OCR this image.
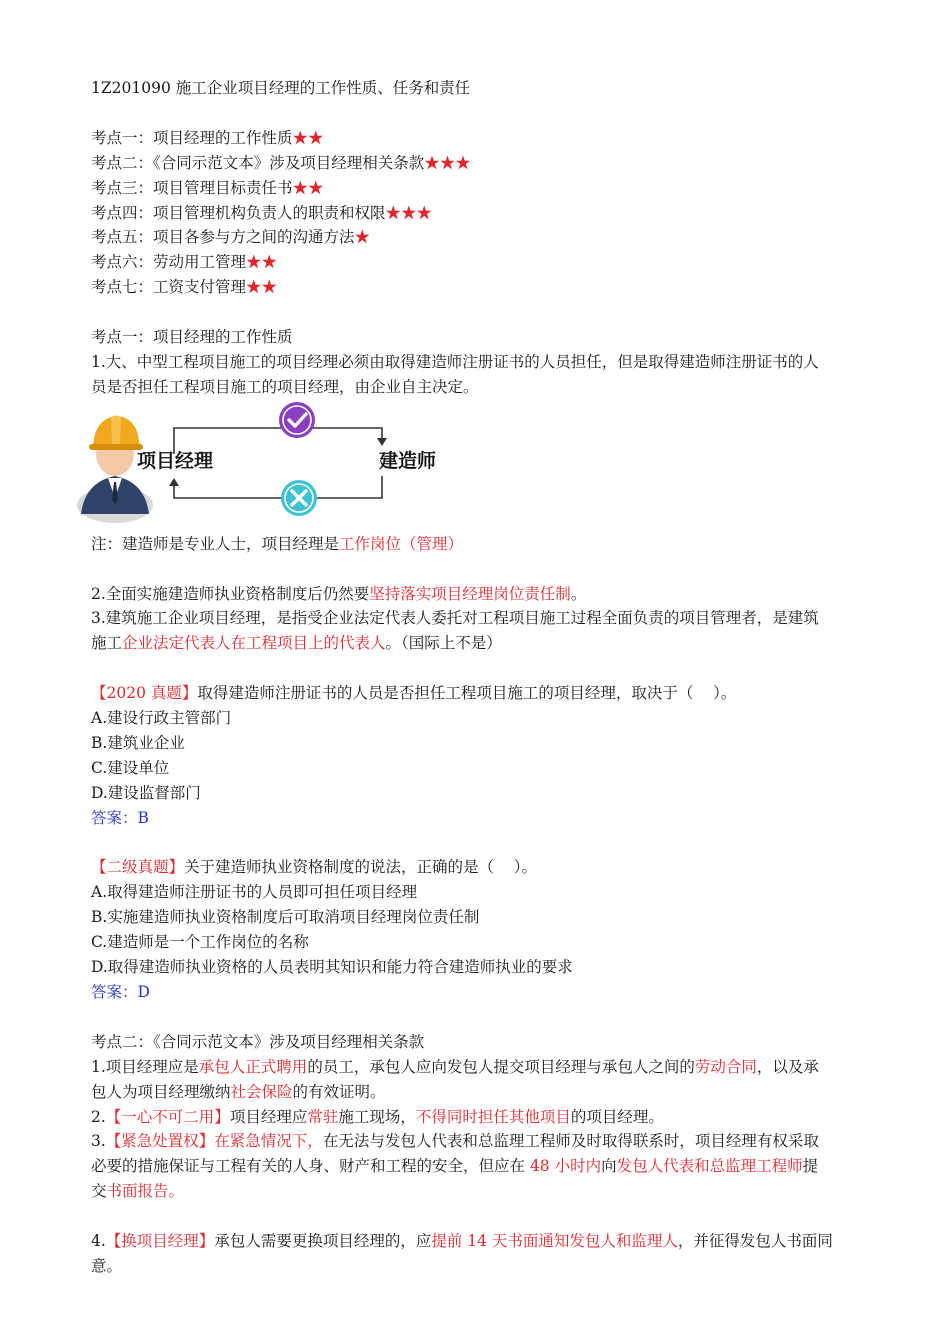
1Z201090 施工企业项目经理的工作性质、任务和责任
考点一：项目经理的工作性质★★
考点二：《合同示范文本》涉及项目经理相关条款★★★
考点三：项目管理目标责任书★★
考点四：项目管理机构负责人的职责和权限★★★
考点五：项目各参与方之间的沟通方法★
考点六：劳动用工管理★★
考点七：工资支付管理★★
考点一：项目经理的工作性质
1.大、中型工程项目施工的项目经理必须由取得建造师注册证书的人员担任，但是取得建造师注册证书的人
员是否担任工程项目施工的项目经理，由企业自主决定。
项目经理	建造师
注：建造师是专业人士，项目经理是工作岗位（管理）
2.全面实施建造师执业资格制度后仍然要坚持落实项目经理岗位责任制。
3.建筑施工企业项目经理，是指受企业法定代表人委托对工程项目施工过程全面负责的项目管理者，是建筑
施工企业法定代表人在工程项目上的代表人。（国际上不是）
【2020 真题】取得建造师注册证书的人员是否担任工程项目施工的项目经理，取决于（    ）。
A.建设行政主管部门
B.建筑业企业
C.建设单位
D.建设监督部门
答案：B
【二级真题】关于建造师执业资格制度的说法，正确的是（    ）。
A.取得建造师注册证书的人员即可担任项目经理
B.实施建造师执业资格制度后可取消项目经理岗位责任制
C.建造师是一个工作岗位的名称
D.取得建造师执业资格的人员表明其知识和能力符合建造师执业的要求
答案：D
考点二：《合同示范文本》涉及项目经理相关条款
1.项目经理应是承包人正式聘用的员工，承包人应向发包人提交项目经理与承包人之间的劳动合同，以及承
包人为项目经理缴纳社会保险的有效证明。
2.【一心不可二用】项目经理应常驻施工现场，不得同时担任其他项目的项目经理。
3.【紧急处置权】在紧急情况下，在无法与发包人代表和总监理工程师及时取得联系时，项目经理有权采取
必要的措施保证与工程有关的人身、财产和工程的安全，但应在 48 小时内向发包人代表和总监理工程师提
交书面报告。
4.【换项目经理】承包人需要更换项目经理的，应提前 14 天书面通知发包人和监理人，并征得发包人书面同
意。
